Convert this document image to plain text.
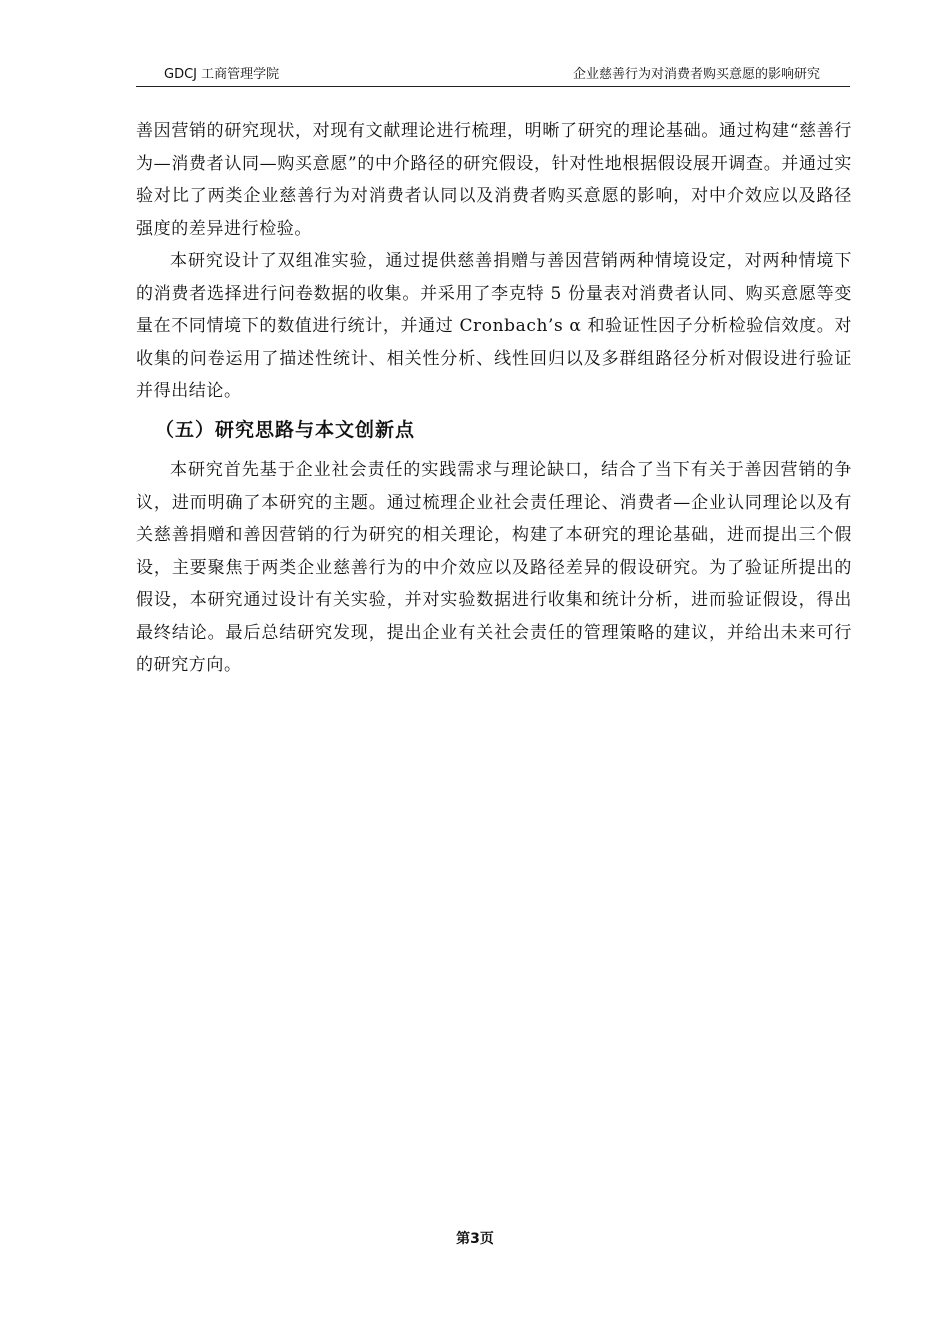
GDCJ 工商管理学院	企业慈善行为对消费者购买意愿的影响研究

善因营销的研究现状，对现有文献理论进行梳理，明晰了研究的理论基础。通过构建“慈善行为—消费者认同—购买意愿”的中介路径的研究假设，针对性地根据假设展开调查。并通过实验对比了两类企业慈善行为对消费者认同以及消费者购买意愿的影响，对中介效应以及路径强度的差异进行检验。

本研究设计了双组准实验，通过提供慈善捐赠与善因营销两种情境设定，对两种情境下的消费者选择进行问卷数据的收集。并采用了李克特 5 份量表对消费者认同、购买意愿等变量在不同情境下的数值进行统计，并通过 Cronbach’s α 和验证性因子分析检验信效度。对收集的问卷运用了描述性统计、相关性分析、线性回归以及多群组路径分析对假设进行验证并得出结论。

（五）研究思路与本文创新点

本研究首先基于企业社会责任的实践需求与理论缺口，结合了当下有关于善因营销的争议，进而明确了本研究的主题。通过梳理企业社会责任理论、消费者—企业认同理论以及有关慈善捐赠和善因营销的行为研究的相关理论，构建了本研究的理论基础，进而提出三个假设，主要聚焦于两类企业慈善行为的中介效应以及路径差异的假设研究。为了验证所提出的假设，本研究通过设计有关实验，并对实验数据进行收集和统计分析，进而验证假设，得出最终结论。最后总结研究发现，提出企业有关社会责任的管理策略的建议，并给出未来可行的研究方向。

第3页
